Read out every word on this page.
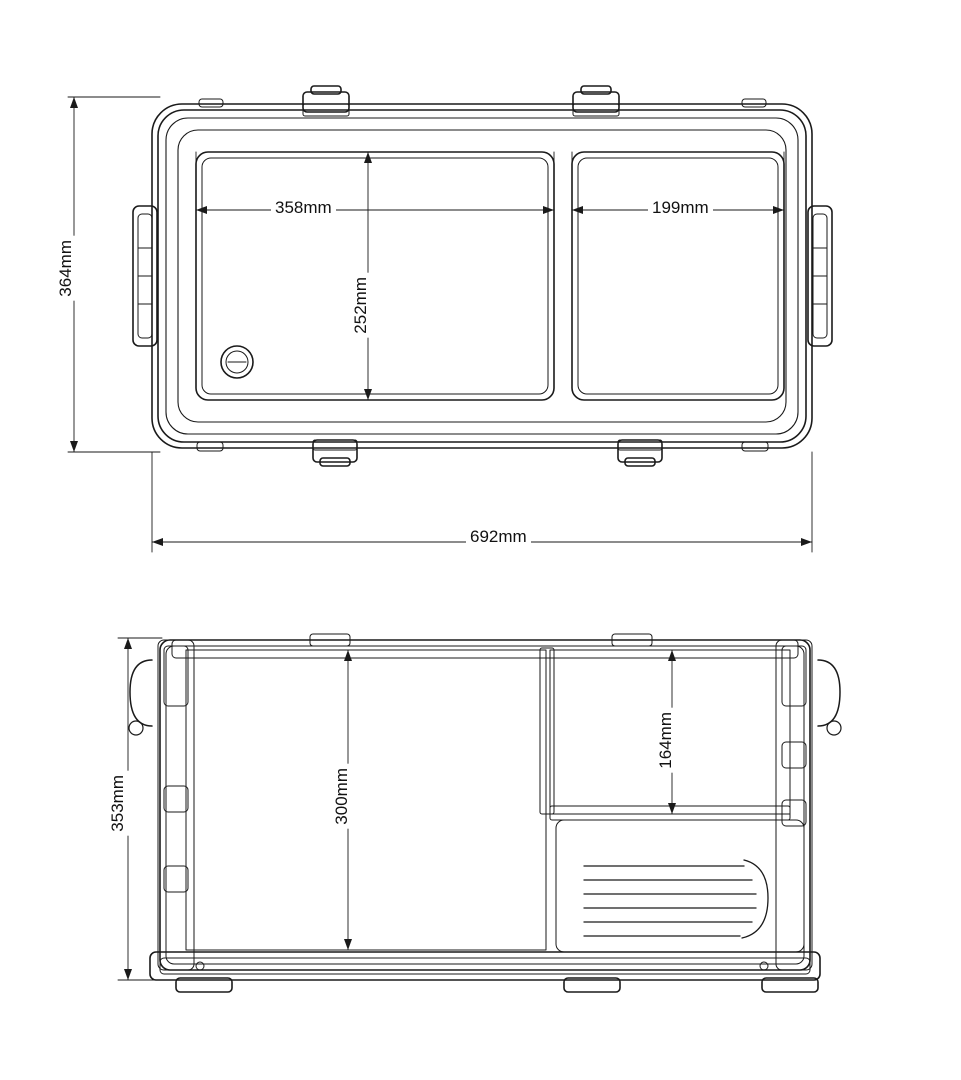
364mm
692mm
358mm	199mm
252mm
353mm	300mm
164mm
